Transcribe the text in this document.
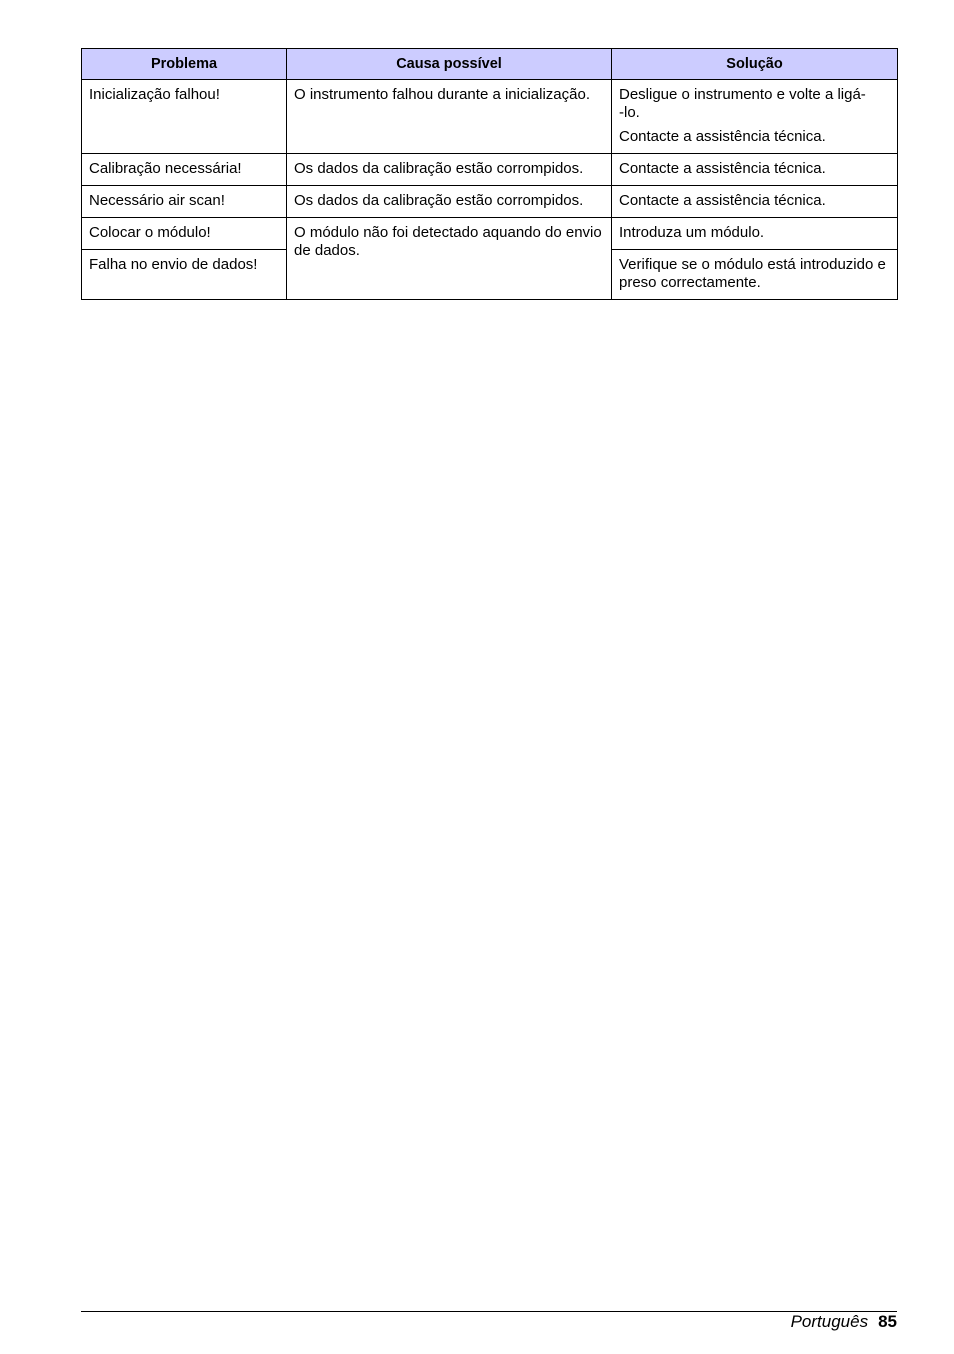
Problema	Causa possível	Solução
Inicialização falhou!	O instrumento falhou durante a inicialização.	Desligue o instrumento e volte a ligá-
-lo.

Contacte a assistência técnica.

Calibração necessária!	Os dados da calibração estão corrompidos.	Contacte a assistência técnica.

Necessário air scan!	Os dados da calibração estão corrompidos.	Contacte a assistência técnica.

Colocar o módulo!	O módulo não foi detectado aquando do envio de dados.	Introduza um módulo.

Falha no envio de dados!		Verifique se o módulo está introduzido e preso correctamente.

Português 85
